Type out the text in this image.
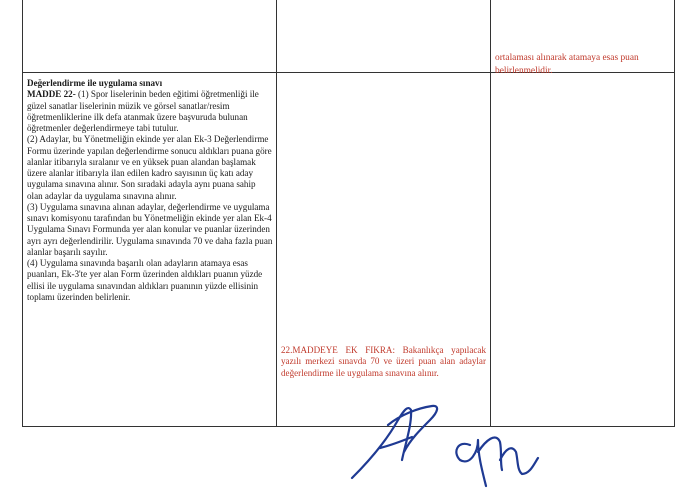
ortalaması alınarak atamaya esas puan belirlenmelidir.

Değerlendirme ile uygulama sınavı

MADDE 22- (1) Spor liselerinin beden eğitimi öğretmenliği ile güzel sanatlar liselerinin müzik ve görsel sanatlar/resim öğretmenliklerine ilk defa atanmak üzere başvuruda bulunan öğretmenler değerlendirmeye tabi tutulur.

(2) Adaylar, bu Yönetmeliğin ekinde yer alan Ek-3 Değerlendirme Formu üzerinde yapılan değerlendirme sonucu aldıkları puana göre alanlar itibarıyla sıralanır ve en yüksek puan alandan başlamak üzere alanlar itibarıyla ilan edilen kadro sayısının üç katı aday uygulama sınavına alınır. Son sıradaki adayla aynı puana sahip olan adaylar da uygulama sınavına alınır.

(3) Uygulama sınavına alınan adaylar, değerlendirme ve uygulama sınavı komisyonu tarafından bu Yönetmeliğin ekinde yer alan Ek-4 Uygulama Sınavı Formunda yer alan konular ve puanlar üzerinden ayrı ayrı değerlendirilir. Uygulama sınavında 70 ve daha fazla puan alanlar başarılı sayılır.

(4) Uygulama sınavında başarılı olan adayların atamaya esas puanları, Ek-3'te yer alan Form üzerinden aldıkları puanın yüzde ellisi ile uygulama sınavından aldıkları puanının yüzde ellisinin toplamı üzerinden belirlenir.

22.MADDEYE EK FIKRA: Bakanlıkça yapılacak yazılı merkezi sınavda 70 ve üzeri puan alan adaylar değerlendirme ile uygulama sınavına alınır.
